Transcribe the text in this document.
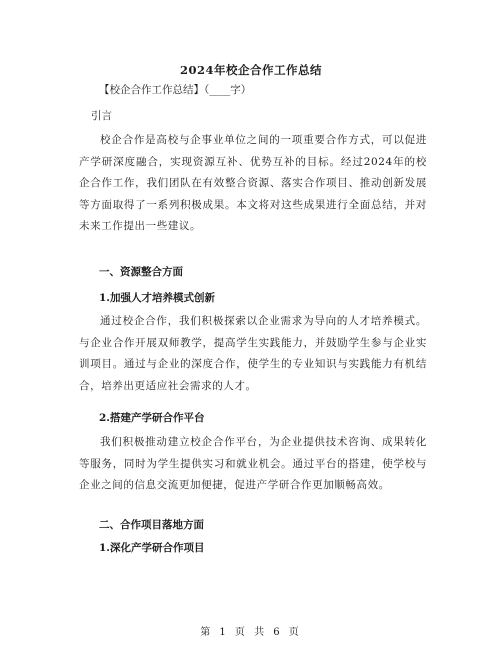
2024年校企合作工作总结
【校企合作工作总结】（____字）
引言
校企合作是高校与企事业单位之间的一项重要合作方式，可以促进产学研深度融合，实现资源互补、优势互补的目标。经过2024年的校企合作工作，我们团队在有效整合资源、落实合作项目、推动创新发展等方面取得了一系列积极成果。本文将对这些成果进行全面总结，并对未来工作提出一些建议。
一、资源整合方面
1.加强人才培养模式创新
通过校企合作，我们积极探索以企业需求为导向的人才培养模式。与企业合作开展双师教学，提高学生实践能力，并鼓励学生参与企业实训项目。通过与企业的深度合作，使学生的专业知识与实践能力有机结合，培养出更适应社会需求的人才。
2.搭建产学研合作平台
我们积极推动建立校企合作平台，为企业提供技术咨询、成果转化等服务，同时为学生提供实习和就业机会。通过平台的搭建，使学校与企业之间的信息交流更加便捷，促进产学研合作更加顺畅高效。
二、合作项目落地方面
1.深化产学研合作项目
第 1 页 共 6 页
